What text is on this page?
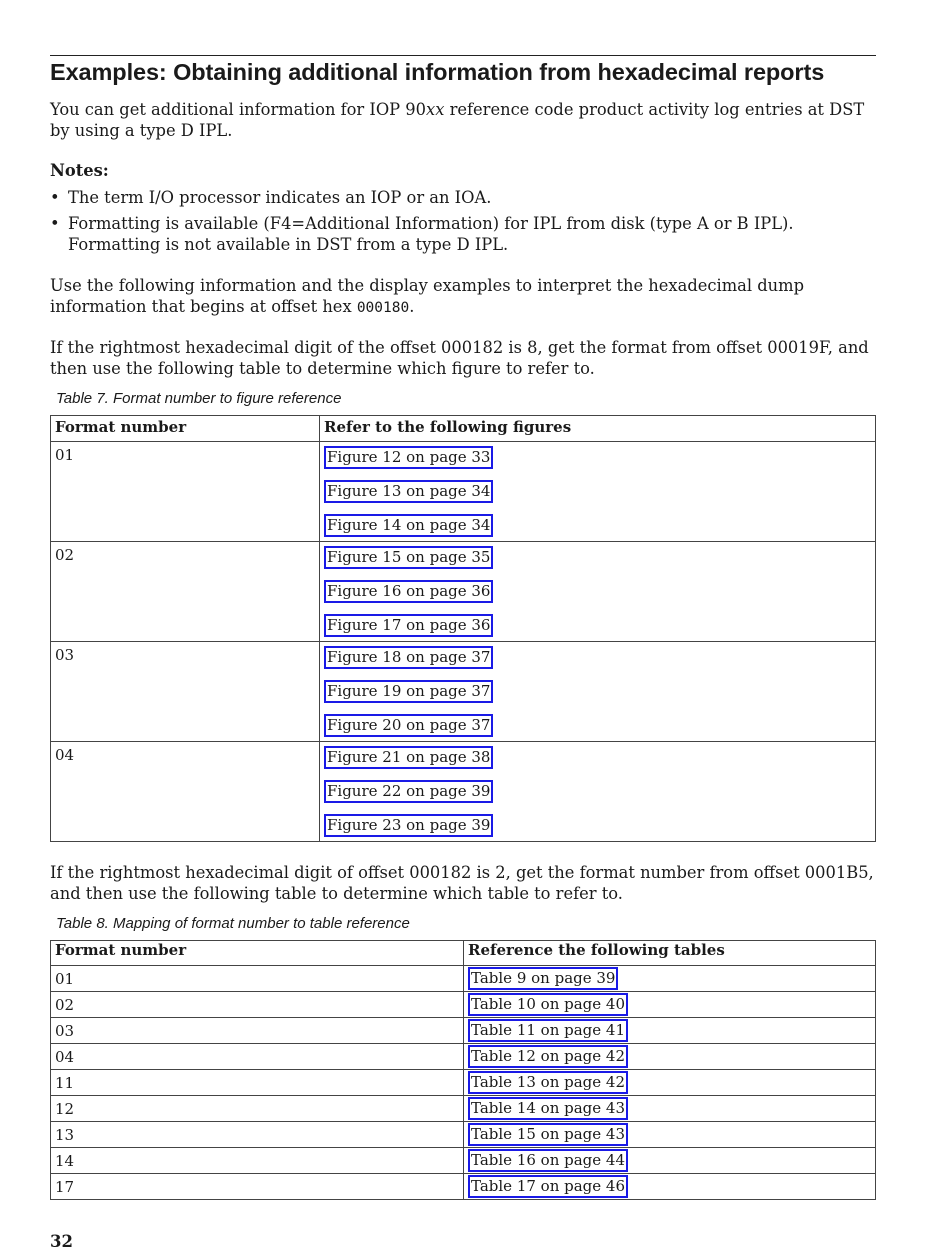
Examples: Obtaining additional information from hexadecimal reports

You can get additional information for IOP 90xx reference code product activity log entries at DST by using a type D IPL.

Notes:
• The term I/O processor indicates an IOP or an IOA.
• Formatting is available (F4=Additional Information) for IPL from disk (type A or B IPL). Formatting is not available in DST from a type D IPL.

Use the following information and the display examples to interpret the hexadecimal dump information that begins at offset hex 000180.

If the rightmost hexadecimal digit of the offset 000182 is 8, get the format from offset 00019F, and then use the following table to determine which figure to refer to.

Table 7. Format number to figure reference

Format number	Refer to the following figures
01	Figure 12 on page 33
Figure 13 on page 34
Figure 14 on page 34

02	Figure 15 on page 35
Figure 16 on page 36
Figure 17 on page 36

03	Figure 18 on page 37
Figure 19 on page 37
Figure 20 on page 37

04	Figure 21 on page 38
Figure 22 on page 39
Figure 23 on page 39

If the rightmost hexadecimal digit of offset 000182 is 2, get the format number from offset 0001B5, and then use the following table to determine which table to refer to.

Table 8. Mapping of format number to table reference

Format number	Reference the following tables
01	Table 9 on page 39
02	Table 10 on page 40
03	Table 11 on page 41
04	Table 12 on page 42
11	Table 13 on page 42
12	Table 14 on page 43
13	Table 15 on page 43
14	Table 16 on page 44
17	Table 17 on page 46
32
